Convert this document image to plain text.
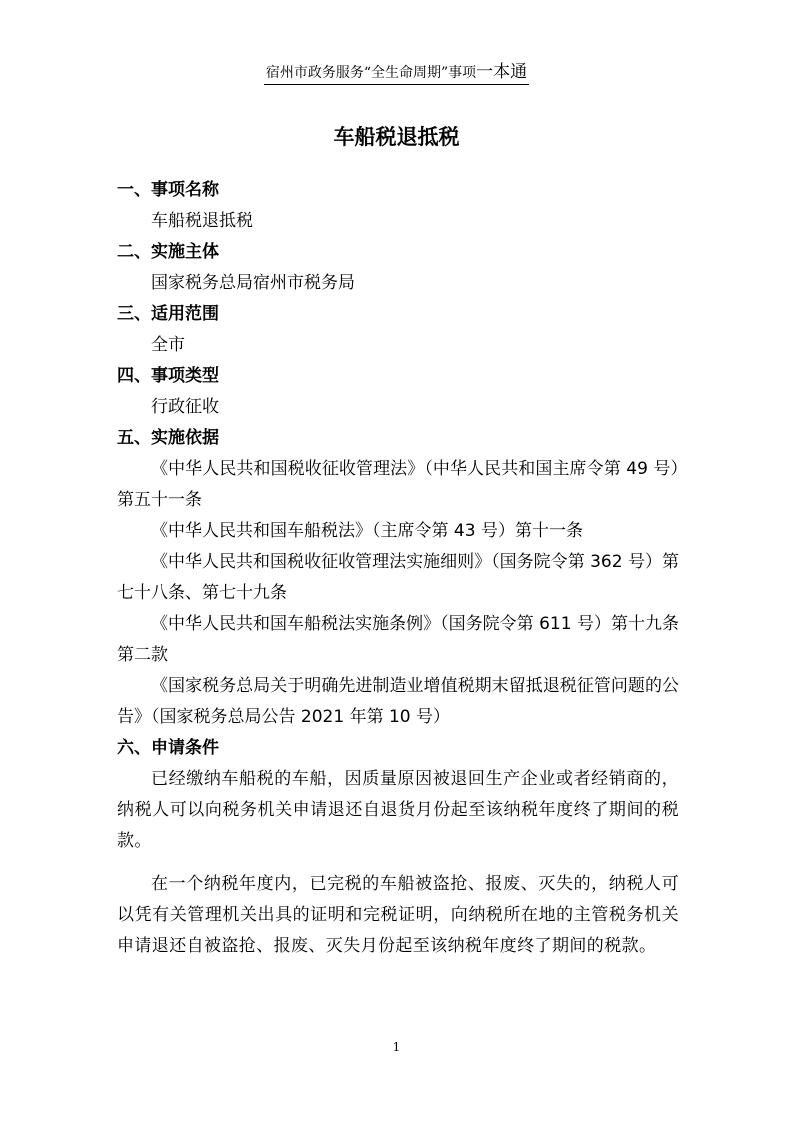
宿州市政务服务“全生命周期”事项一本通
车船税退抵税
一、事项名称
车船税退抵税
二、实施主体
国家税务总局宿州市税务局
三、适用范围
全市
四、事项类型
行政征收
五、实施依据
《中华人民共和国税收征收管理法》（中华人民共和国主席令第 49 号）第五十一条
《中华人民共和国车船税法》（主席令第 43 号）第十一条
《中华人民共和国税收征收管理法实施细则》（国务院令第 362 号）第七十八条、第七十九条
《中华人民共和国车船税法实施条例》（国务院令第 611 号）第十九条第二款
《国家税务总局关于明确先进制造业增值税期末留抵退税征管问题的公告》（国家税务总局公告 2021 年第 10 号）
六、申请条件
已经缴纳车船税的车船，因质量原因被退回生产企业或者经销商的，纳税人可以向税务机关申请退还自退货月份起至该纳税年度终了期间的税款。
在一个纳税年度内，已完税的车船被盗抢、报废、灭失的，纳税人可以凭有关管理机关出具的证明和完税证明，向纳税所在地的主管税务机关申请退还自被盗抢、报废、灭失月份起至该纳税年度终了期间的税款。
1
